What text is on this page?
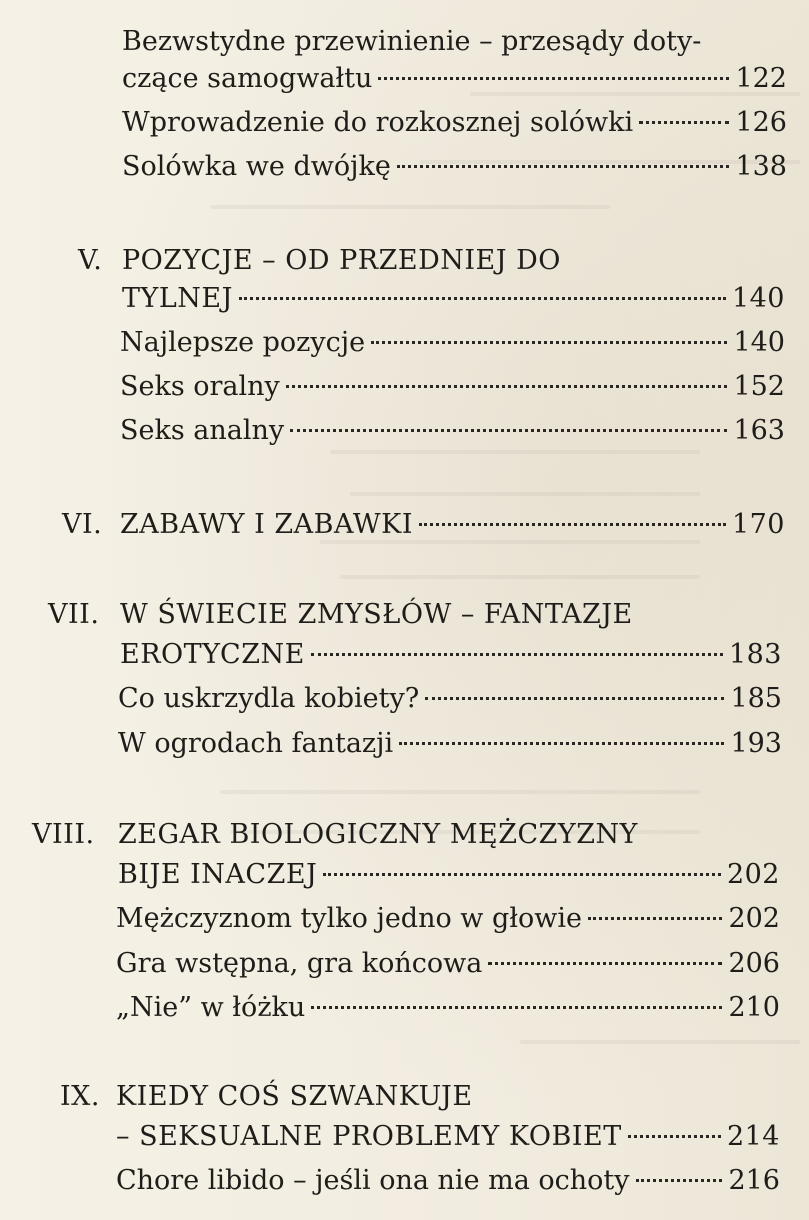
Bezwstydne przewinienie – przesądy doty-
czące samogwałtu	122
Wprowadzenie do rozkosznej solówki	126
Solówka we dwójkę	138
V. POZYCJE – OD PRZEDNIEJ DO
TYLNEJ	140
Najlepsze pozycje	140
Seks oralny	152
Seks analny	163
VI. ZABAWY I ZABAWKI	170
VII. W ŚWIECIE ZMYSŁÓW – FANTAZJE
EROTYCZNE	183
Co uskrzydla kobiety?	185
W ogrodach fantazji	193
VIII. ZEGAR BIOLOGICZNY MĘŻCZYZNY
BIJE INACZEJ	202
Mężczyznom tylko jedno w głowie	202
Gra wstępna, gra końcowa	206
„Nie” w łóżku	210
IX. KIEDY COŚ SZWANKUJE
– SEKSUALNE PROBLEMY KOBIET	214
Chore libido – jeśli ona nie ma ochoty	216
